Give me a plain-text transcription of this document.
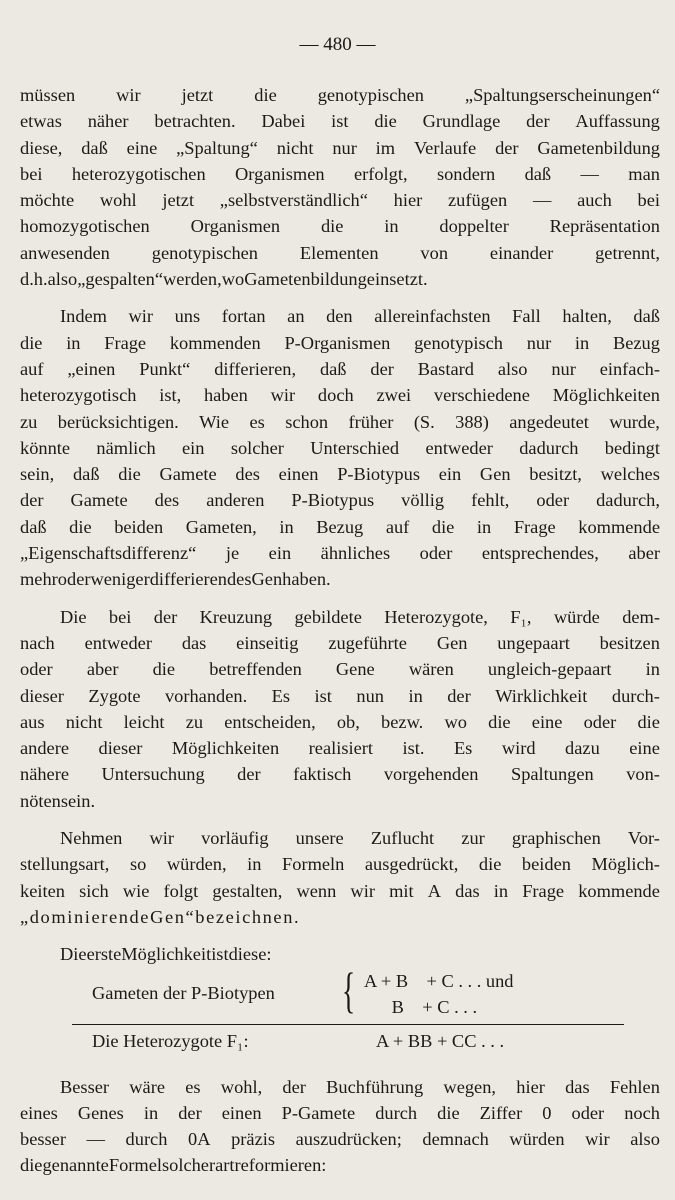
— 480 —
müssen wir jetzt die genotypischen „Spaltungserscheinungen“
etwas näher betrachten. Dabei ist die Grundlage der Auffassung
diese, daß eine „Spaltung“ nicht nur im Verlaufe der Gametenbildung
bei heterozygotischen Organismen erfolgt, sondern daß — man
möchte wohl jetzt „selbstverständlich“ hier zufügen — auch bei
homozygotischen Organismen die in doppelter Repräsentation
anwesenden genotypischen Elementen von einander getrennt,
d. h. also „gespalten“ werden, wo Gametenbildung einsetzt.
Indem wir uns fortan an den allereinfachsten Fall halten, daß
die in Frage kommenden P-Organismen genotypisch nur in Bezug
auf „einen Punkt“ differieren, daß der Bastard also nur einfach-
heterozygotisch ist, haben wir doch zwei verschiedene Möglichkeiten
zu berücksichtigen. Wie es schon früher (S. 388) angedeutet wurde,
könnte nämlich ein solcher Unterschied entweder dadurch bedingt
sein, daß die Gamete des einen P-Biotypus ein Gen besitzt, welches
der Gamete des anderen P-Biotypus völlig fehlt, oder dadurch,
daß die beiden Gameten, in Bezug auf die in Frage kommende
„Eigenschaftsdifferenz“ je ein ähnliches oder entsprechendes, aber
mehr oder weniger differierendes Gen haben.
Die bei der Kreuzung gebildete Heterozygote, F₁, würde dem-
nach entweder das einseitig zugeführte Gen ungepaart besitzen
oder aber die betreffenden Gene wären ungleich-gepaart in
dieser Zygote vorhanden. Es ist nun in der Wirklichkeit durch-
aus nicht leicht zu entscheiden, ob, bezw. wo die eine oder die
andere dieser Möglichkeiten realisiert ist. Es wird dazu eine
nähere Untersuchung der faktisch vorgehenden Spaltungen von-
nöten sein.
Nehmen wir vorläufig unsere Zuflucht zur graphischen Vor-
stellungsart, so würden, in Formeln ausgedrückt, die beiden Möglich-
keiten sich wie folgt gestalten, wenn wir mit A das in Frage kommende
„dominierende Gen“ bezeichnen.
Die erste Möglichkeit ist diese:
Gameten der P-Biotypen { A + B    + C . . . und
B    + C . . .
Die Heterozygote F₁:	A + BB + CC . . .
Besser wäre es wohl, der Buchführung wegen, hier das Fehlen
eines Genes in der einen P-Gamete durch die Ziffer 0 oder noch
besser — durch 0A präzis auszudrücken; demnach würden wir also
die genannte Formel solcherart reformieren:
